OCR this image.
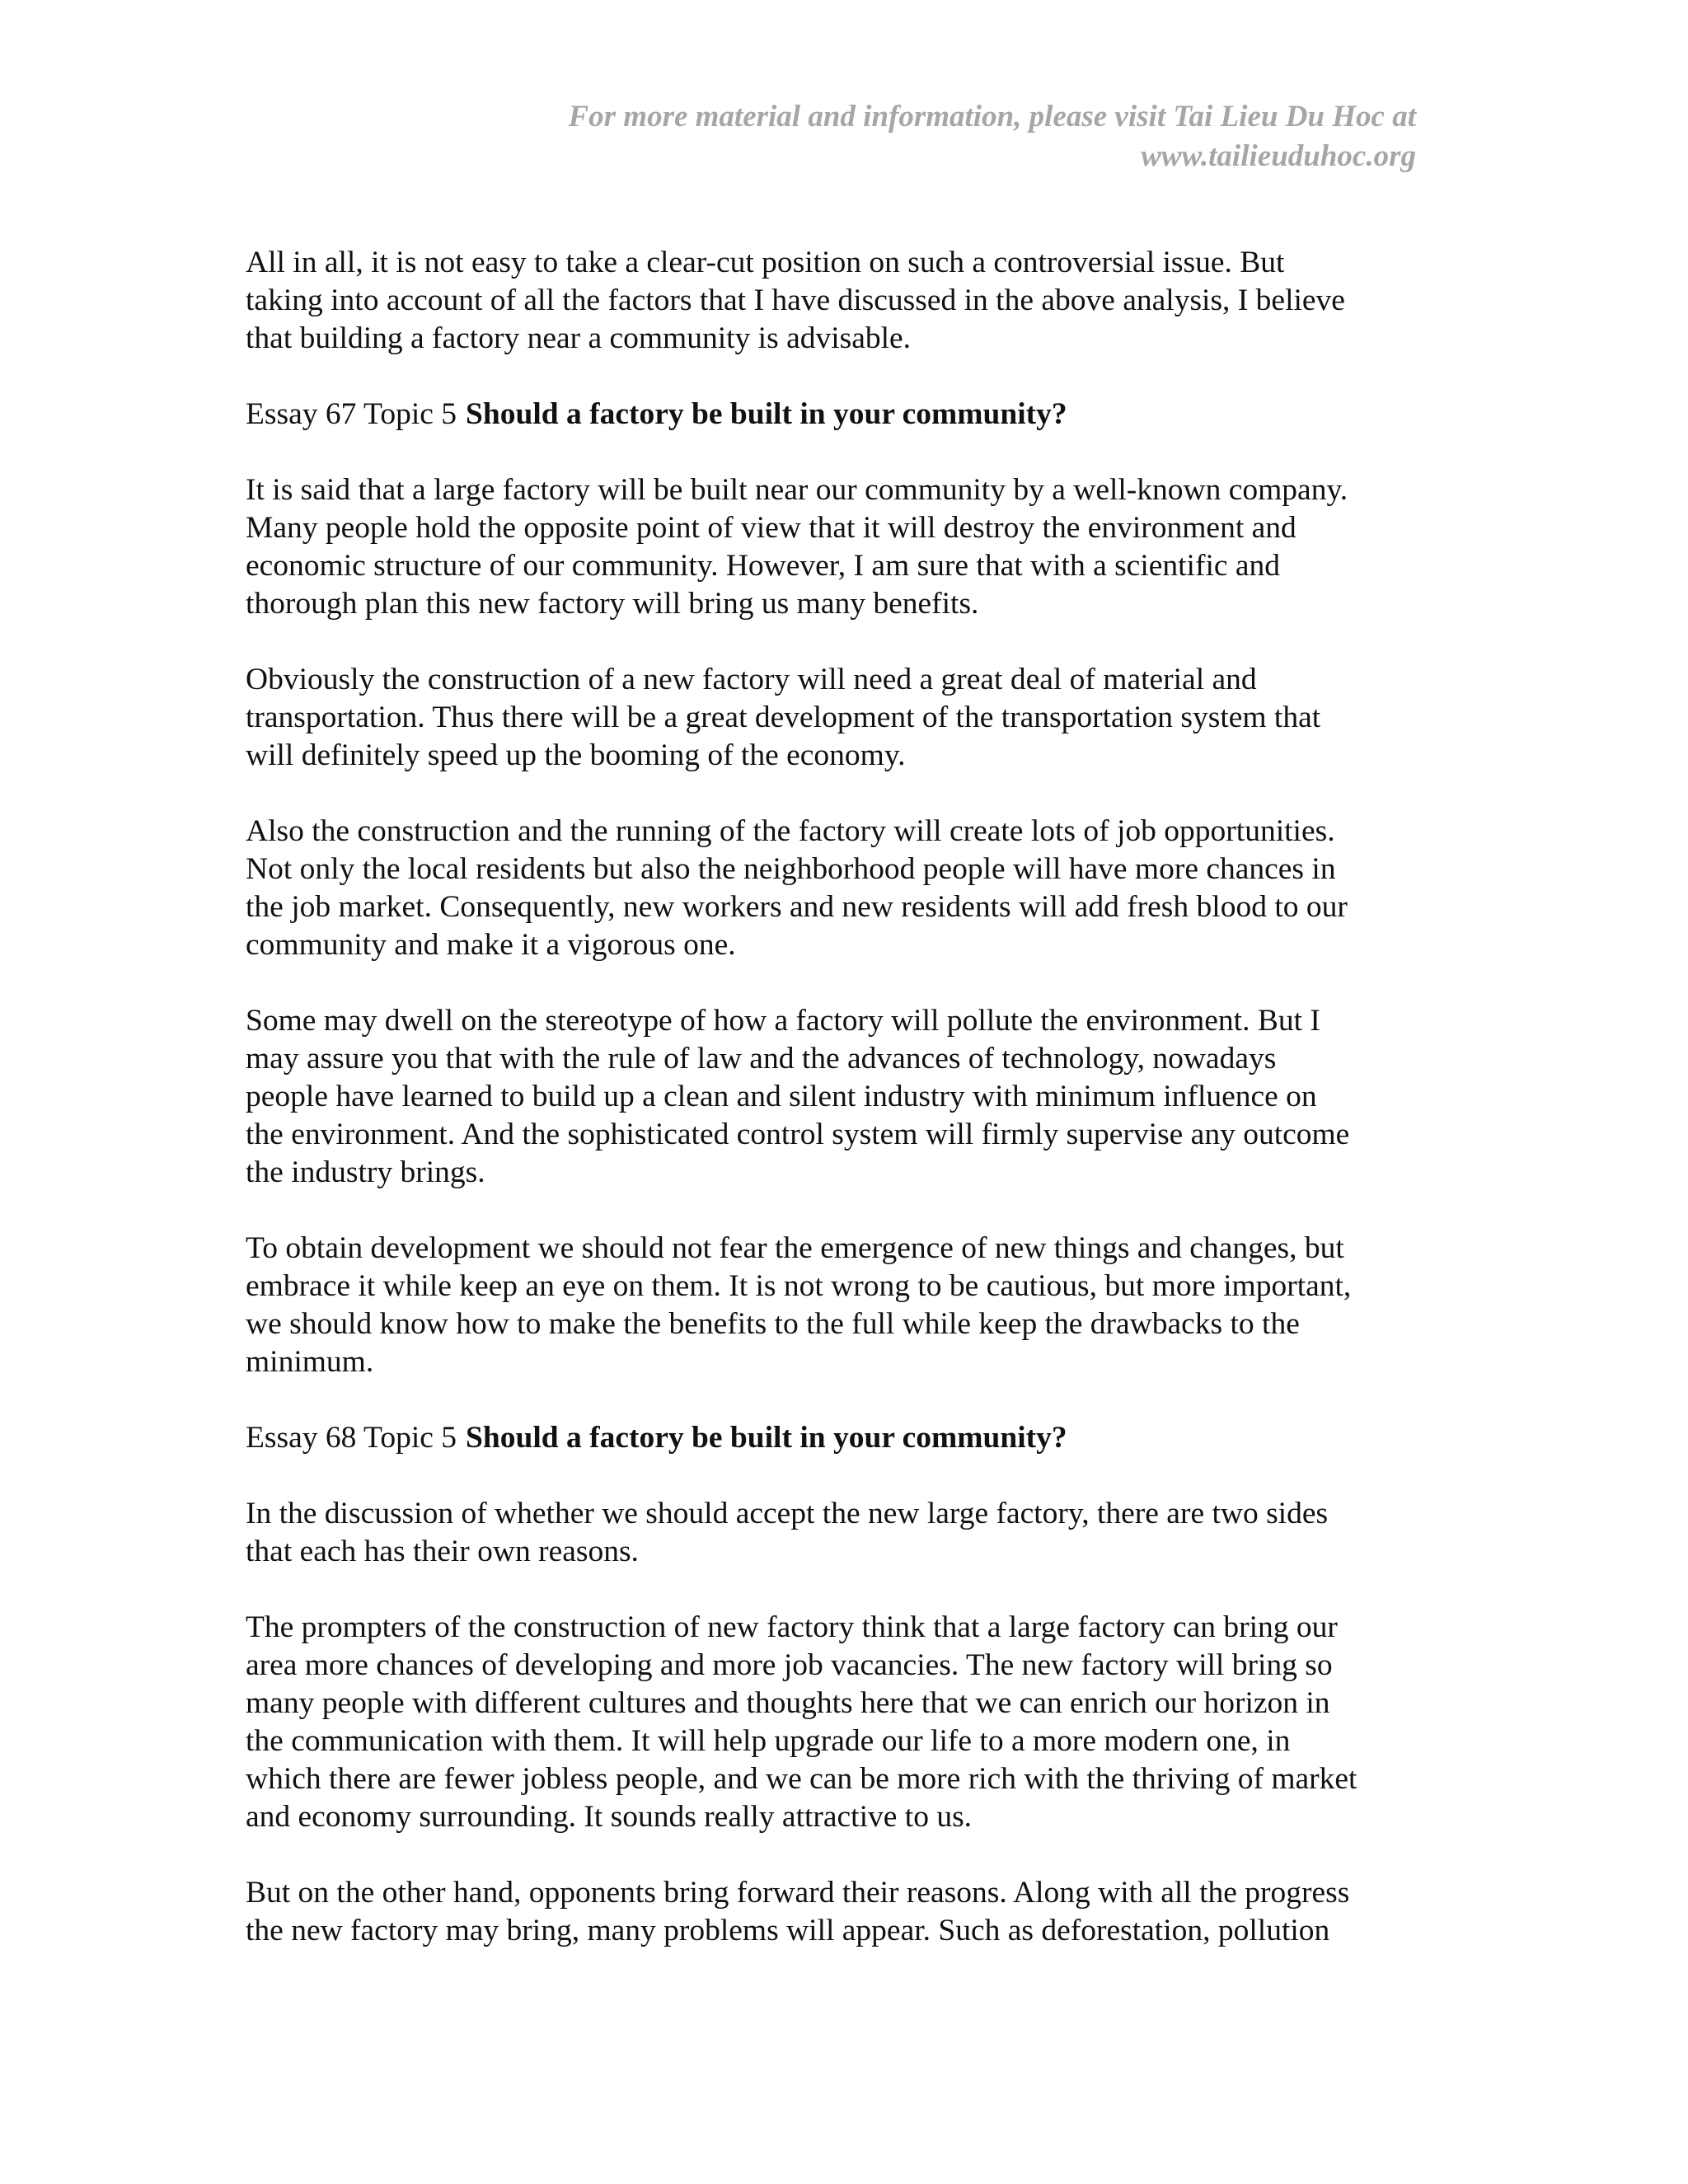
For more material and information, please visit Tai Lieu Du Hoc at
www.tailieuduhoc.org
All in all, it is not easy to take a clear-cut position on such a controversial issue. But
taking into account of all the factors that I have discussed in the above analysis, I believe
that building a factory near a community is advisable.
Essay 67 Topic 5 Should a factory be built in your community?
It is said that a large factory will be built near our community by a well-known company.
Many people hold the opposite point of view that it will destroy the environment and
economic structure of our community. However, I am sure that with a scientific and
thorough plan this new factory will bring us many benefits.
Obviously the construction of a new factory will need a great deal of material and
transportation. Thus there will be a great development of the transportation system that
will definitely speed up the booming of the economy.
Also the construction and the running of the factory will create lots of job opportunities.
Not only the local residents but also the neighborhood people will have more chances in
the job market. Consequently, new workers and new residents will add fresh blood to our
community and make it a vigorous one.
Some may dwell on the stereotype of how a factory will pollute the environment. But I
may assure you that with the rule of law and the advances of technology, nowadays
people have learned to build up a clean and silent industry with minimum influence on
the environment. And the sophisticated control system will firmly supervise any outcome
the industry brings.
To obtain development we should not fear the emergence of new things and changes, but
embrace it while keep an eye on them. It is not wrong to be cautious, but more important,
we should know how to make the benefits to the full while keep the drawbacks to the
minimum.
Essay 68 Topic 5 Should a factory be built in your community?
In the discussion of whether we should accept the new large factory, there are two sides
that each has their own reasons.
The prompters of the construction of new factory think that a large factory can bring our
area more chances of developing and more job vacancies. The new factory will bring so
many people with different cultures and thoughts here that we can enrich our horizon in
the communication with them. It will help upgrade our life to a more modern one, in
which there are fewer jobless people, and we can be more rich with the thriving of market
and economy surrounding. It sounds really attractive to us.
But on the other hand, opponents bring forward their reasons. Along with all the progress
the new factory may bring, many problems will appear. Such as deforestation, pollution
